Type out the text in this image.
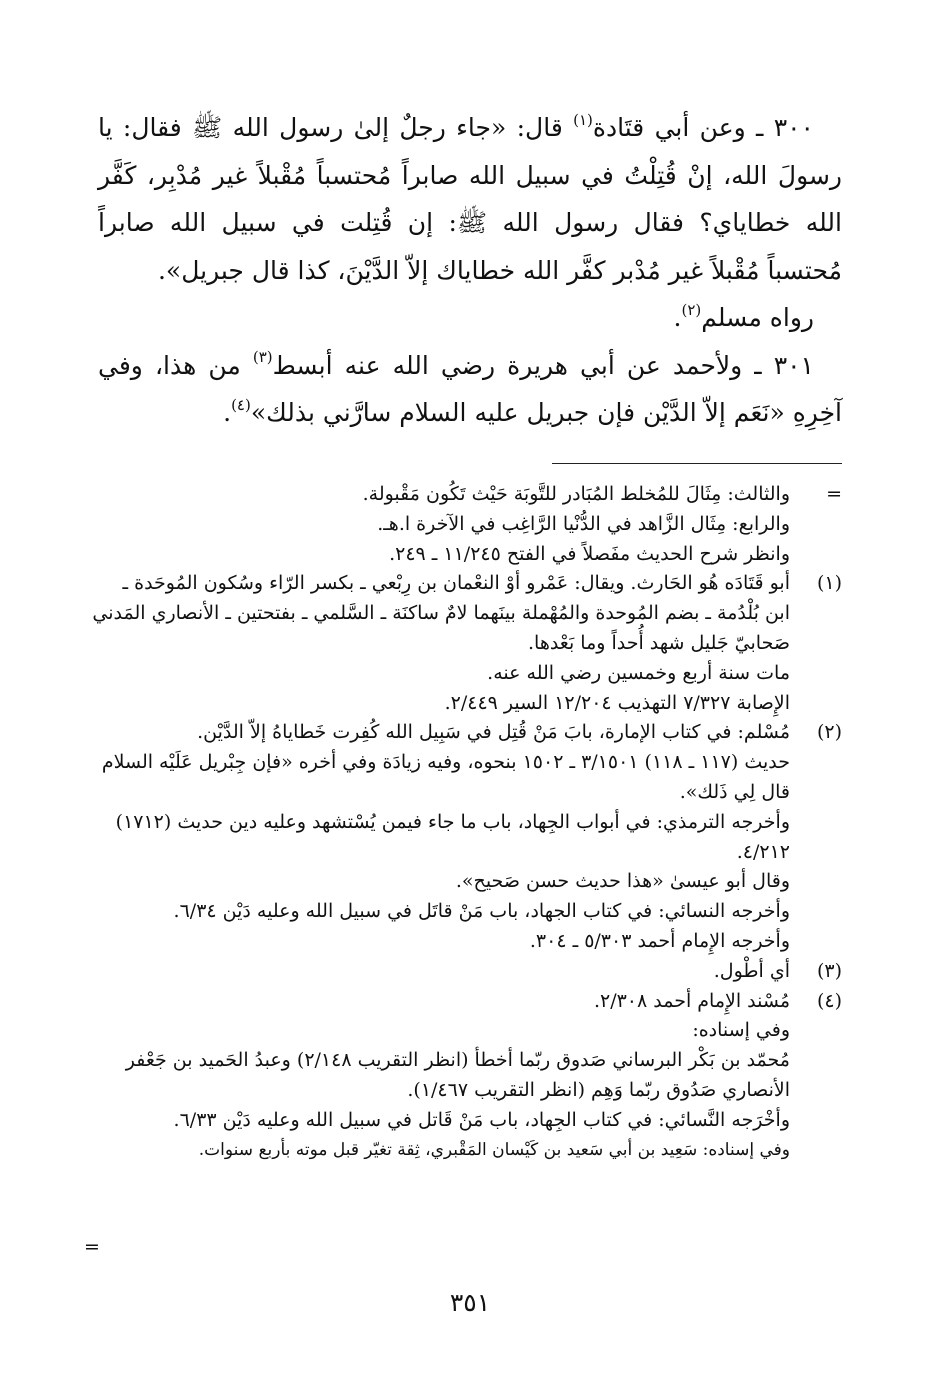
٣٠٠ ـ وعن أبي قتَادة$^{(١)}$ قال: «جاء رجلٌ إلىٰ رسول الله ﷺ فقال: يا رسولَ الله، إنْ قُتِلْتُ في سبيل الله صابراً مُحتسباً مُقْبلاً غير مُدْبِر، كَفَّر الله خطاياي؟ فقال رسول الله ﷺ: إن قُتِلت في سبيل الله صابراً مُحتسباً مُقْبلاً غير مُدْبر كفَّر الله خطاياك إلاّ الدَّيْنَ، كذا قال جبريل».

رواه مسلم$^{(٢)}$.

٣٠١ ـ ولأحمد عن أبي هريرة رضي الله عنه أبسط$^{(٣)}$ من هذا، وفي آخِرِهِ «نَعَم إلاّ الدَّيْن فإن جبريل عليه السلام سارَّني بذلك»$^{(٤)}$.

=
والثالث: مِثَالَ للمُخلط المُبَادر للتَّوبَة حَيْث تَكُون مَقْبولة.
والرابع: مِثَال الزَّاهد في الدُّنْيا الرَّاغِب في الآخرة ا.هـ.
وانظر شرح الحديث مفَصلاً في الفتح ١١/٢٤٥ ـ ٢٤٩.
(١)
أبو قَتَادَه هُو الحَارث. ويقال: عَمْرو أوْ النعْمان بن رِبْعي ـ بكسر الرّاء وسُكون المُوحَدة ـ ابن بُلْدُمة ـ بضم المُوحدة والمُهْملة بينَهما لامٌ ساكنَة ـ السَّلمي ـ بفتحتين ـ الأنصاري المَدني صَحابيّ جَليل شهد أُحداً وما بَعْدها.
مات سنة أربع وخمسين رضي الله عنه.
الإِصابة ٧/٣٢٧ التهذيب ١٢/٢٠٤ السير ٢/٤٤٩.
(٢)
مُسْلم: في كتاب الإمارة، بابَ مَنْ قُتِل في سَبِيل الله كُفِرت خَطاياهُ إلاّ الدَّيْن.
حديث (١١٧ ـ ١١٨) ٣/١٥٠١ ـ ١٥٠٢ بنحوه، وفيه زيادَة وفي أخره «فإن جِبْريل عَلَيْه السلام قال لِي ذَلك».
وأخرجه الترمذي: في أبواب الجِهاد، باب ما جاء فيمن يُسْتشهد وعليه دين حديث (١٧١٢) ٤/٢١٢.
وقال أبو عيسىٰ «هذا حديث حسن صَحيح».
وأخرجه النسائي: في كتاب الجهاد، باب مَنْ قاتَل في سبيل الله وعليه دَيْن ٦/٣٤.
وأخرجه الإِمام أحمد ٥/٣٠٣ ـ ٣٠٤.
(٣)
أي أطْول.
(٤)
مُسْند الإِمام أحمد ٢/٣٠٨.
وفي إسناده:
مُحمّد بن بَكْر البرساني صَدوق ربّما أخطأ (انظر التقريب ٢/١٤٨) وعبدُ الحَميد بن جَعْفر الأنصاري صَدُوق ربّما وَهِم (انظر التقريب ١/٤٦٧).
وأخْرَجه النَّسائي: في كتاب الجِهاد، باب مَنْ قَاتل في سبيل الله وعليه دَيْن ٦/٣٣.
وفي إسناده: سَعِيد بن أبي سَعيد بن كَيْسان المَقْبري، ثِقة تغيّر قبل موته بأربع سنوات.
=
٣٥١
